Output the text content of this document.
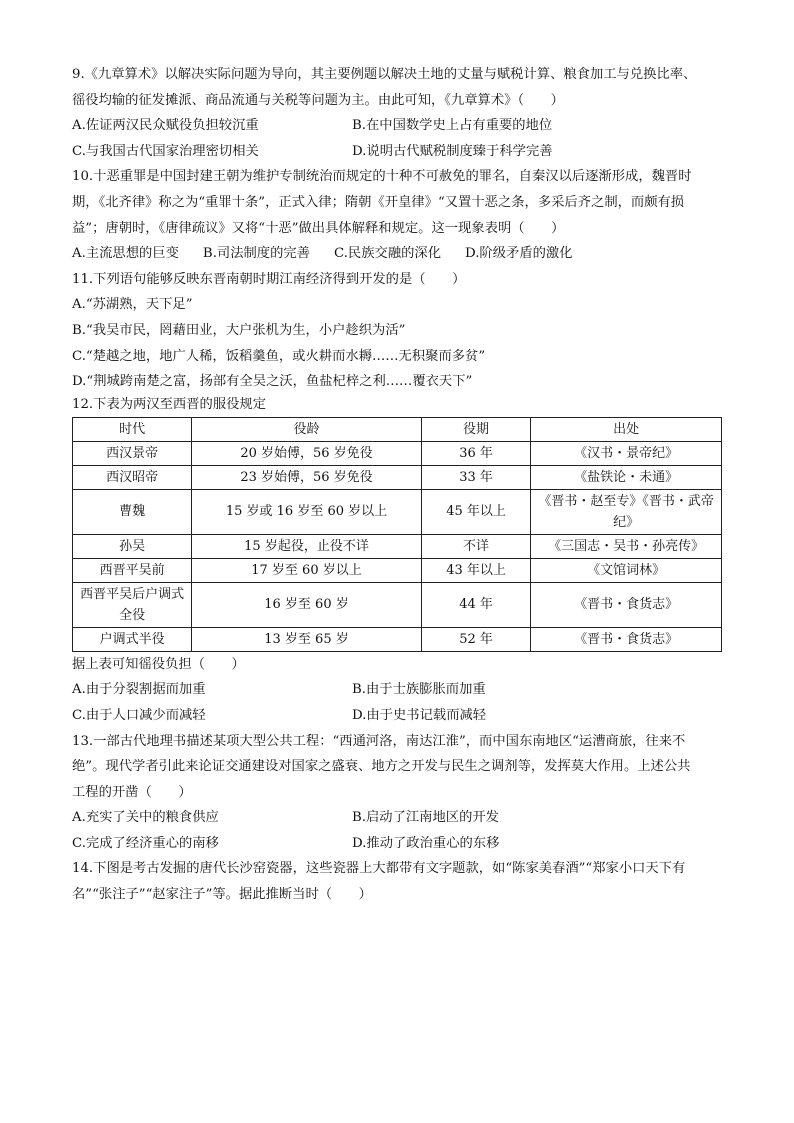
9.《九章算术》以解决实际问题为导向，其主要例题以解决土地的丈量与赋税计算、粮食加工与兑换比率、
徭役均输的征发摊派、商品流通与关税等问题为主。由此可知，《九章算术》（　　）
A.佐证两汉民众赋役负担较沉重	B.在中国数学史上占有重要的地位
C.与我国古代国家治理密切相关	D.说明古代赋税制度臻于科学完善
10.十恶重罪是中国封建王朝为维护专制统治而规定的十种不可赦免的罪名，自秦汉以后逐渐形成，魏晋时
期，《北齐律》称之为“重罪十条”，正式入律；隋朝《开皇律》“又置十恶之条，多采后齐之制，而颇有损
益”；唐朝时，《唐律疏议》又将“十恶”做出具体解释和规定。这一现象表明（　　）
A.主流思想的巨变 B.司法制度的完善 C.民族交融的深化 D.阶级矛盾的激化
11.下列语句能够反映东晋南朝时期江南经济得到开发的是（　　）
A.“苏湖熟，天下足”
B.“我吴市民，罔藉田业，大户张机为生，小户趁织为活”
C.“楚越之地，地广人稀，饭稻羹鱼，或火耕而水耨……无积聚而多贫”
D.“荆城跨南楚之富，扬部有全吴之沃，鱼盐杞梓之利……覆衣天下”
12.下表为两汉至西晋的服役规定
时代	役龄	役期	出处
西汉景帝	20 岁始傅，56 岁免役	36 年	《汉书・景帝纪》
西汉昭帝	23 岁始傅，56 岁免役	33 年	《盐铁论・未通》
曹魏	15 岁或 16 岁至 60 岁以上	45 年以上	《晋书・赵至专》《晋书・武帝纪》
孙吴	15 岁起役，止役不详	不详	《三国志・吴书・孙亮传》
西晋平吴前	17 岁至 60 岁以上	43 年以上	《文馆词林》
西晋平吴后户调式全役	16 岁至 60 岁	44 年	《晋书・食货志》
户调式半役	13 岁至 65 岁	52 年	《晋书・食货志》
据上表可知徭役负担（　　）
A.由于分裂割据而加重	B.由于士族膨胀而加重
C.由于人口减少而减轻	D.由于史书记载而减轻
13.一部古代地理书描述某项大型公共工程：“西通河洛，南达江淮”，而中国东南地区“运漕商旅，往来不
绝”。现代学者引此来论证交通建设对国家之盛衰、地方之开发与民生之调剂等，发挥莫大作用。上述公共
工程的开凿（　　）
A.充实了关中的粮食供应	B.启动了江南地区的开发
C.完成了经济重心的南移	D.推动了政治重心的东移
14.下图是考古发掘的唐代长沙窑瓷器，这些瓷器上大都带有文字题款，如“陈家美春酒”“郑家小口天下有
名”“张注子”“赵家注子”等。据此推断当时（　　）
